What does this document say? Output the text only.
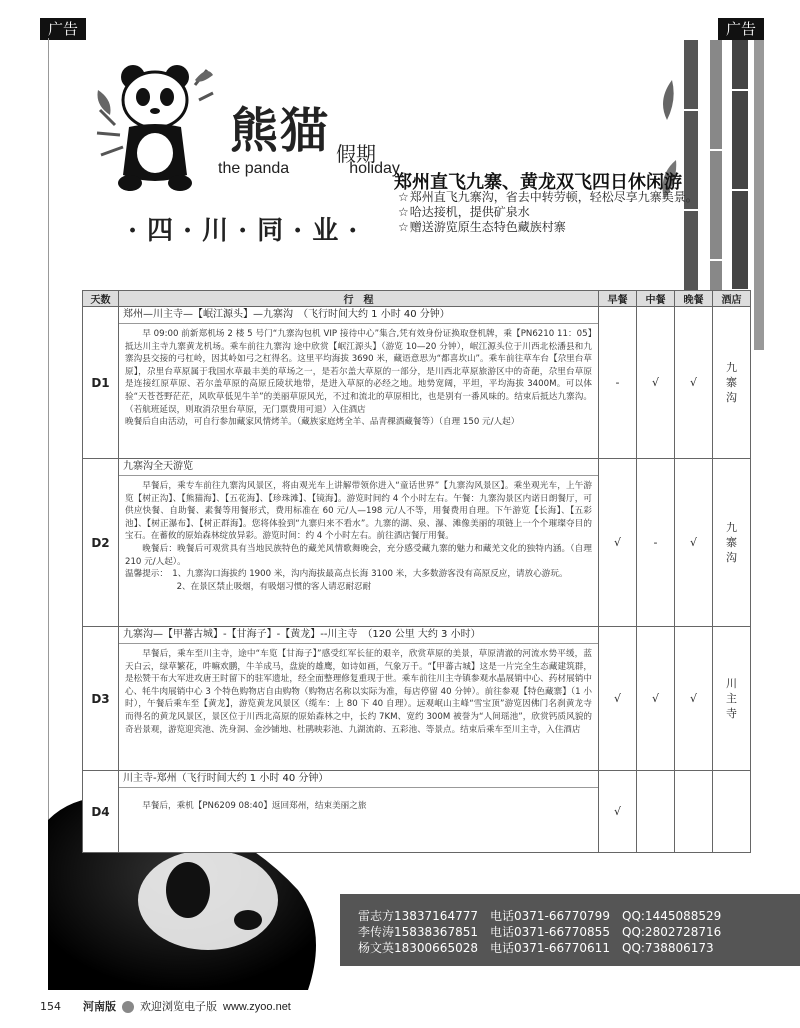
广告	广告
熊猫 假期
the panda	holiday
·四·川·同·业·
郑州直飞九寨、黄龙双飞四日休闲游
☆ 郑州直飞九寨沟，省去中转劳顿，轻松尽享九寨美景。
☆ 哈达接机，提供矿泉水
☆ 赠送游览原生态特色藏族村寨
天数	行　程	早餐	中餐	晚餐	酒店
D1	郑州—川主寺—【岷江源头】—九寨沟　（飞行时间大约 1 小时 40 分钟）

早 09:00 前新郑机场 2 楼 5 号门“九寨沟包机 VIP 接待中心”集合,凭有效身份证换取登机牌，乘【PN6210 11：05】抵达川主寺九寨黄龙机场。乘车前往九寨沟 途中欣赏【岷江源头】（游览 10—20 分钟），岷江源头位于川西北松潘县和九寨沟县交接的弓杠岭，因其岭如弓之杠得名。这里平均海拔 3690 米，藏语意思为“都喜坎山”。乘车前往草车台【尕里台草原】，尕里台草原属于我国水草最丰美的草场之一，是若尔盖大草原的一部分，是川西北草原旅游区中的奇葩，尕里台草原是连接红原草原、若尔盖草原的高原丘陵状地带，是进入草原的必经之地。地势宽阔，平坦，平均海拔 3400M。可以体验“天苍苍野茫茫，风吹草低见牛羊”的美丽草原风光，不过和流北的草原相比，也是别有一番风味的。结束后抵达九寨沟。（若航班延误，则取消尕里台草原，无门票费用可退）入住酒店

晚餐后自由活动，可自行参加藏家风情烤羊。（藏族家庭烤全羊、品青稞酒藏餐等）（自理 150 元/人起）	-	√	√	九寨沟

D2	九寨沟全天游览

早餐后，乘专车前往九寨沟风景区，将由观光车上讲解带领你进入“童话世界”【九寨沟风景区】。乘坐观光车，上午游览【树正沟】、【熊猫海】、【五花海】、【珍珠滩】、【镜海】。游览时间约 4 个小时左右。午餐：九寨沟景区内诺日朗餐厅，可供应快餐、自助餐、素餐等用餐形式，费用标准在 60 元/人—198 元/人不等，用餐费用自理。下午游览【长海】、【五彩池】、【树正瀑布】、【树正群海】。您将体验到“九寨归来不看水”。九寨的湖、泉、瀑、滩像美丽的项链上一个个璀璨夺目的宝石。在蓄攸的原始森林绽放异彩。游览时间：约 4 个小时左右。前往酒店餐厅用餐。

晚餐后：晚餐后可观赏具有当地民族特色的藏羌风情歌舞晚会，充分感受藏九寨的魅力和藏羌文化的独特内涵。（自理 210 元/人起）。

温馨提示：　1、九寨沟口海拔约 1900 米，沟内海拔最高点长海 3100 米，大多数游客没有高原反应，请放心游玩。

　　　　　　2、在景区禁止吸烟，有吸烟习惯的客人请忍耐忍耐	√	-	√	九寨沟

D3	九寨沟—【甲蕃古城】-【甘海子】-【黄龙】--川主寺　（120 公里 大约 3 小时）

早餐后，乘车至川主寺，途中“车览【甘海子】”感受红军长征的艰辛，欣赏草原的美景，草原清澈的河流水势平缓，蓝天白云，绿草繁花，吽嘛欢鹏，牛羊成马，盘旋的雄鹰，如诗如画，气象万千。“【甲蕃古城】这是一片完全生态藏建筑群，是松赞干布大军进攻唐王时留下的驻军遗址，经全面整理修复重现于世。乘车前往川主寺镇参观水晶展销中心、药材展销中心、牦牛肉展销中心 3 个特色购物店自由购物（购物店名称以实际为准，每店停留 40 分钟）。前往参观【特色藏寨】（1 小时），午餐后乘车至【黄龙】，游览黄龙风景区（缆车：上 80 下 40 自理）。远观岷山主峰“雪宝顶”游览因佛门名刹黄龙寺而得名的黄龙风景区，景区位于川西北高原的原始森林之中，长约 7KM、宽约 300M 被誉为“人间瑶池”，欣赏钙质风貌的奇岩景观，游览迎宾池、洗身洞、金沙铺地、杜鹃映彩池、九湖流韵、五彩池、等景点。结束后乘车至川主寺，入住酒店	√	√	√	川主寺

D4	川主寺-郑州（飞行时间大约 1 小时 40 分钟）

早餐后，乘机【PN6209 08:40】返回郑州，结束美丽之旅	√			
雷志方13837164777 电话0371-66770799 QQ:1445088529
李传涛15838367851 电话0371-66770855 QQ:2802728716
杨文英18300665028 电话0371-66770611 QQ:738806173
154 河南版 欢迎浏览电子版 www.zyoo.net
